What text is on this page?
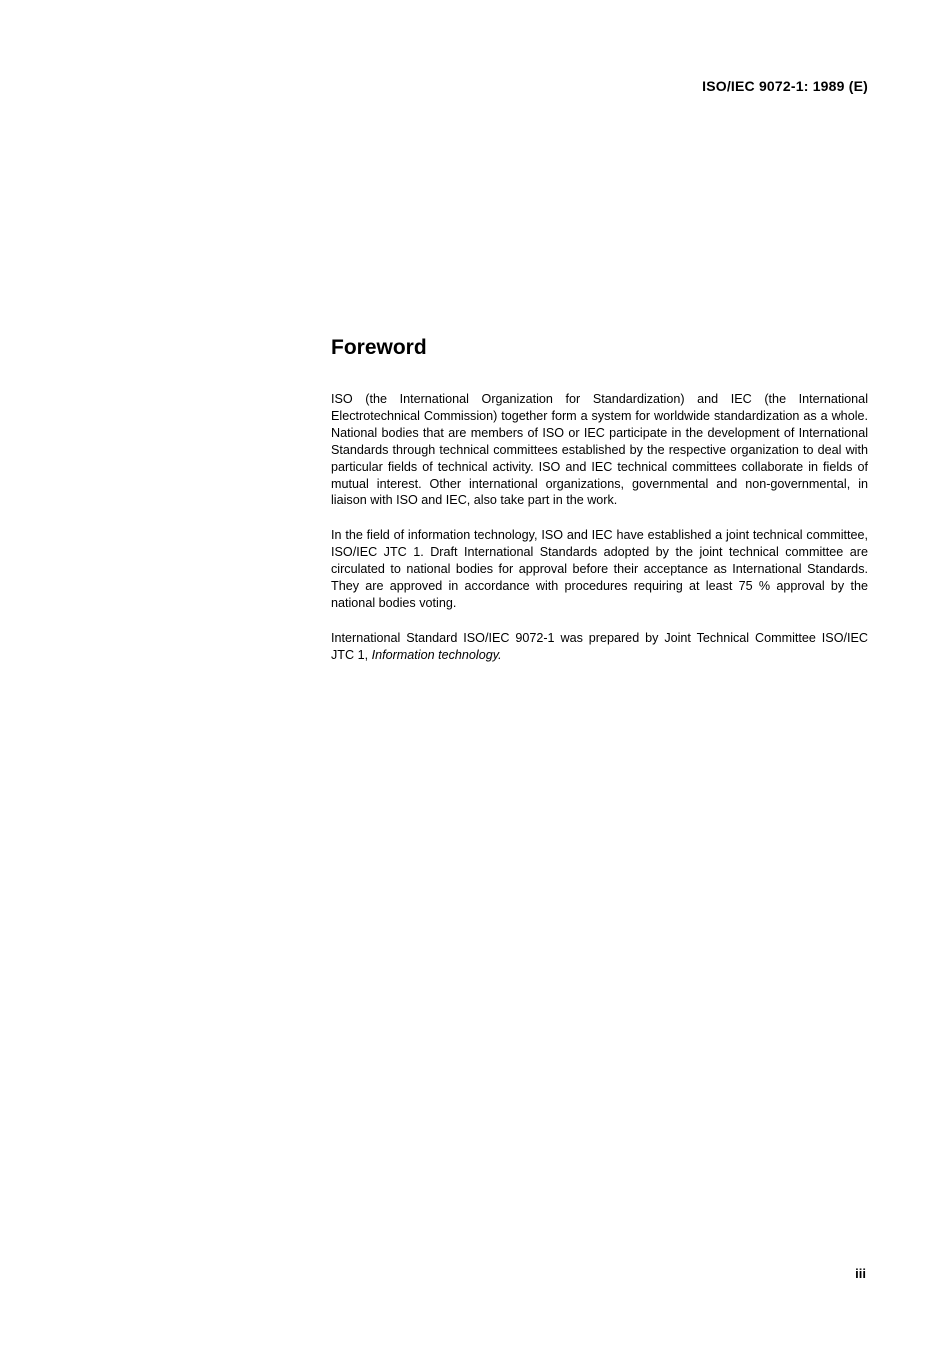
ISO/IEC 9072-1: 1989 (E)
Foreword

ISO (the International Organization for Standardization) and IEC (the International Electrotechnical Commission) together form a system for worldwide standardization as a whole. National bodies that are members of ISO or IEC participate in the development of International Standards through technical committees established by the respective organization to deal with particular fields of technical activity. ISO and IEC technical committees collaborate in fields of mutual interest. Other international organizations, governmental and non-governmental, in liaison with ISO and IEC, also take part in the work.

In the field of information technology, ISO and IEC have established a joint technical committee, ISO/IEC JTC 1. Draft International Standards adopted by the joint technical committee are circulated to national bodies for approval before their acceptance as International Standards. They are approved in accordance with procedures requiring at least 75 % approval by the national bodies voting.

International Standard ISO/IEC 9072-1 was prepared by Joint Technical Committee ISO/IEC JTC 1, Information technology.

iii
